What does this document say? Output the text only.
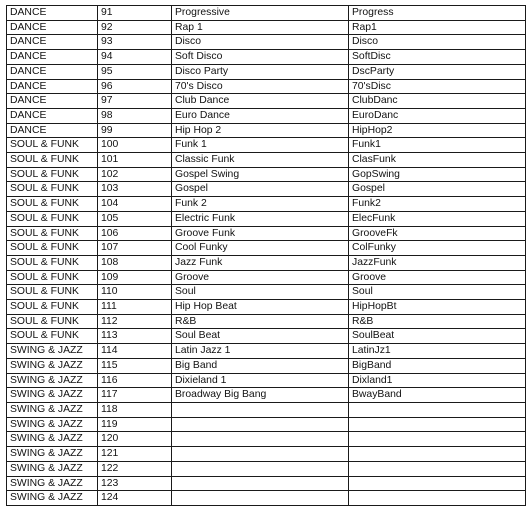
DANCE	91	Progressive	Progress
DANCE	92	Rap 1	Rap1
DANCE	93	Disco	Disco
DANCE	94	Soft Disco	SoftDisc
DANCE	95	Disco Party	DscParty
DANCE	96	70's Disco	70'sDisc
DANCE	97	Club Dance	ClubDanc
DANCE	98	Euro Dance	EuroDanc
DANCE	99	Hip Hop 2	HipHop2
SOUL & FUNK	100	Funk 1	Funk1
SOUL & FUNK	101	Classic Funk	ClasFunk
SOUL & FUNK	102	Gospel Swing	GopSwing
SOUL & FUNK	103	Gospel	Gospel
SOUL & FUNK	104	Funk 2	Funk2
SOUL & FUNK	105	Electric Funk	ElecFunk
SOUL & FUNK	106	Groove Funk	GrooveFk
SOUL & FUNK	107	Cool Funky	ColFunky
SOUL & FUNK	108	Jazz Funk	JazzFunk
SOUL & FUNK	109	Groove	Groove
SOUL & FUNK	110	Soul	Soul
SOUL & FUNK	111	Hip Hop Beat	HipHopBt
SOUL & FUNK	112	R&B	R&B
SOUL & FUNK	113	Soul Beat	SoulBeat
SWING & JAZZ	114	Latin Jazz 1	LatinJz1
SWING & JAZZ	115	Big Band	BigBand
SWING & JAZZ	116	Dixieland 1	Dixland1
SWING & JAZZ	117	Broadway Big Bang	BwayBand
SWING & JAZZ	118		
SWING & JAZZ	119		
SWING & JAZZ	120		
SWING & JAZZ	121		
SWING & JAZZ	122		
SWING & JAZZ	123		
SWING & JAZZ	124		
